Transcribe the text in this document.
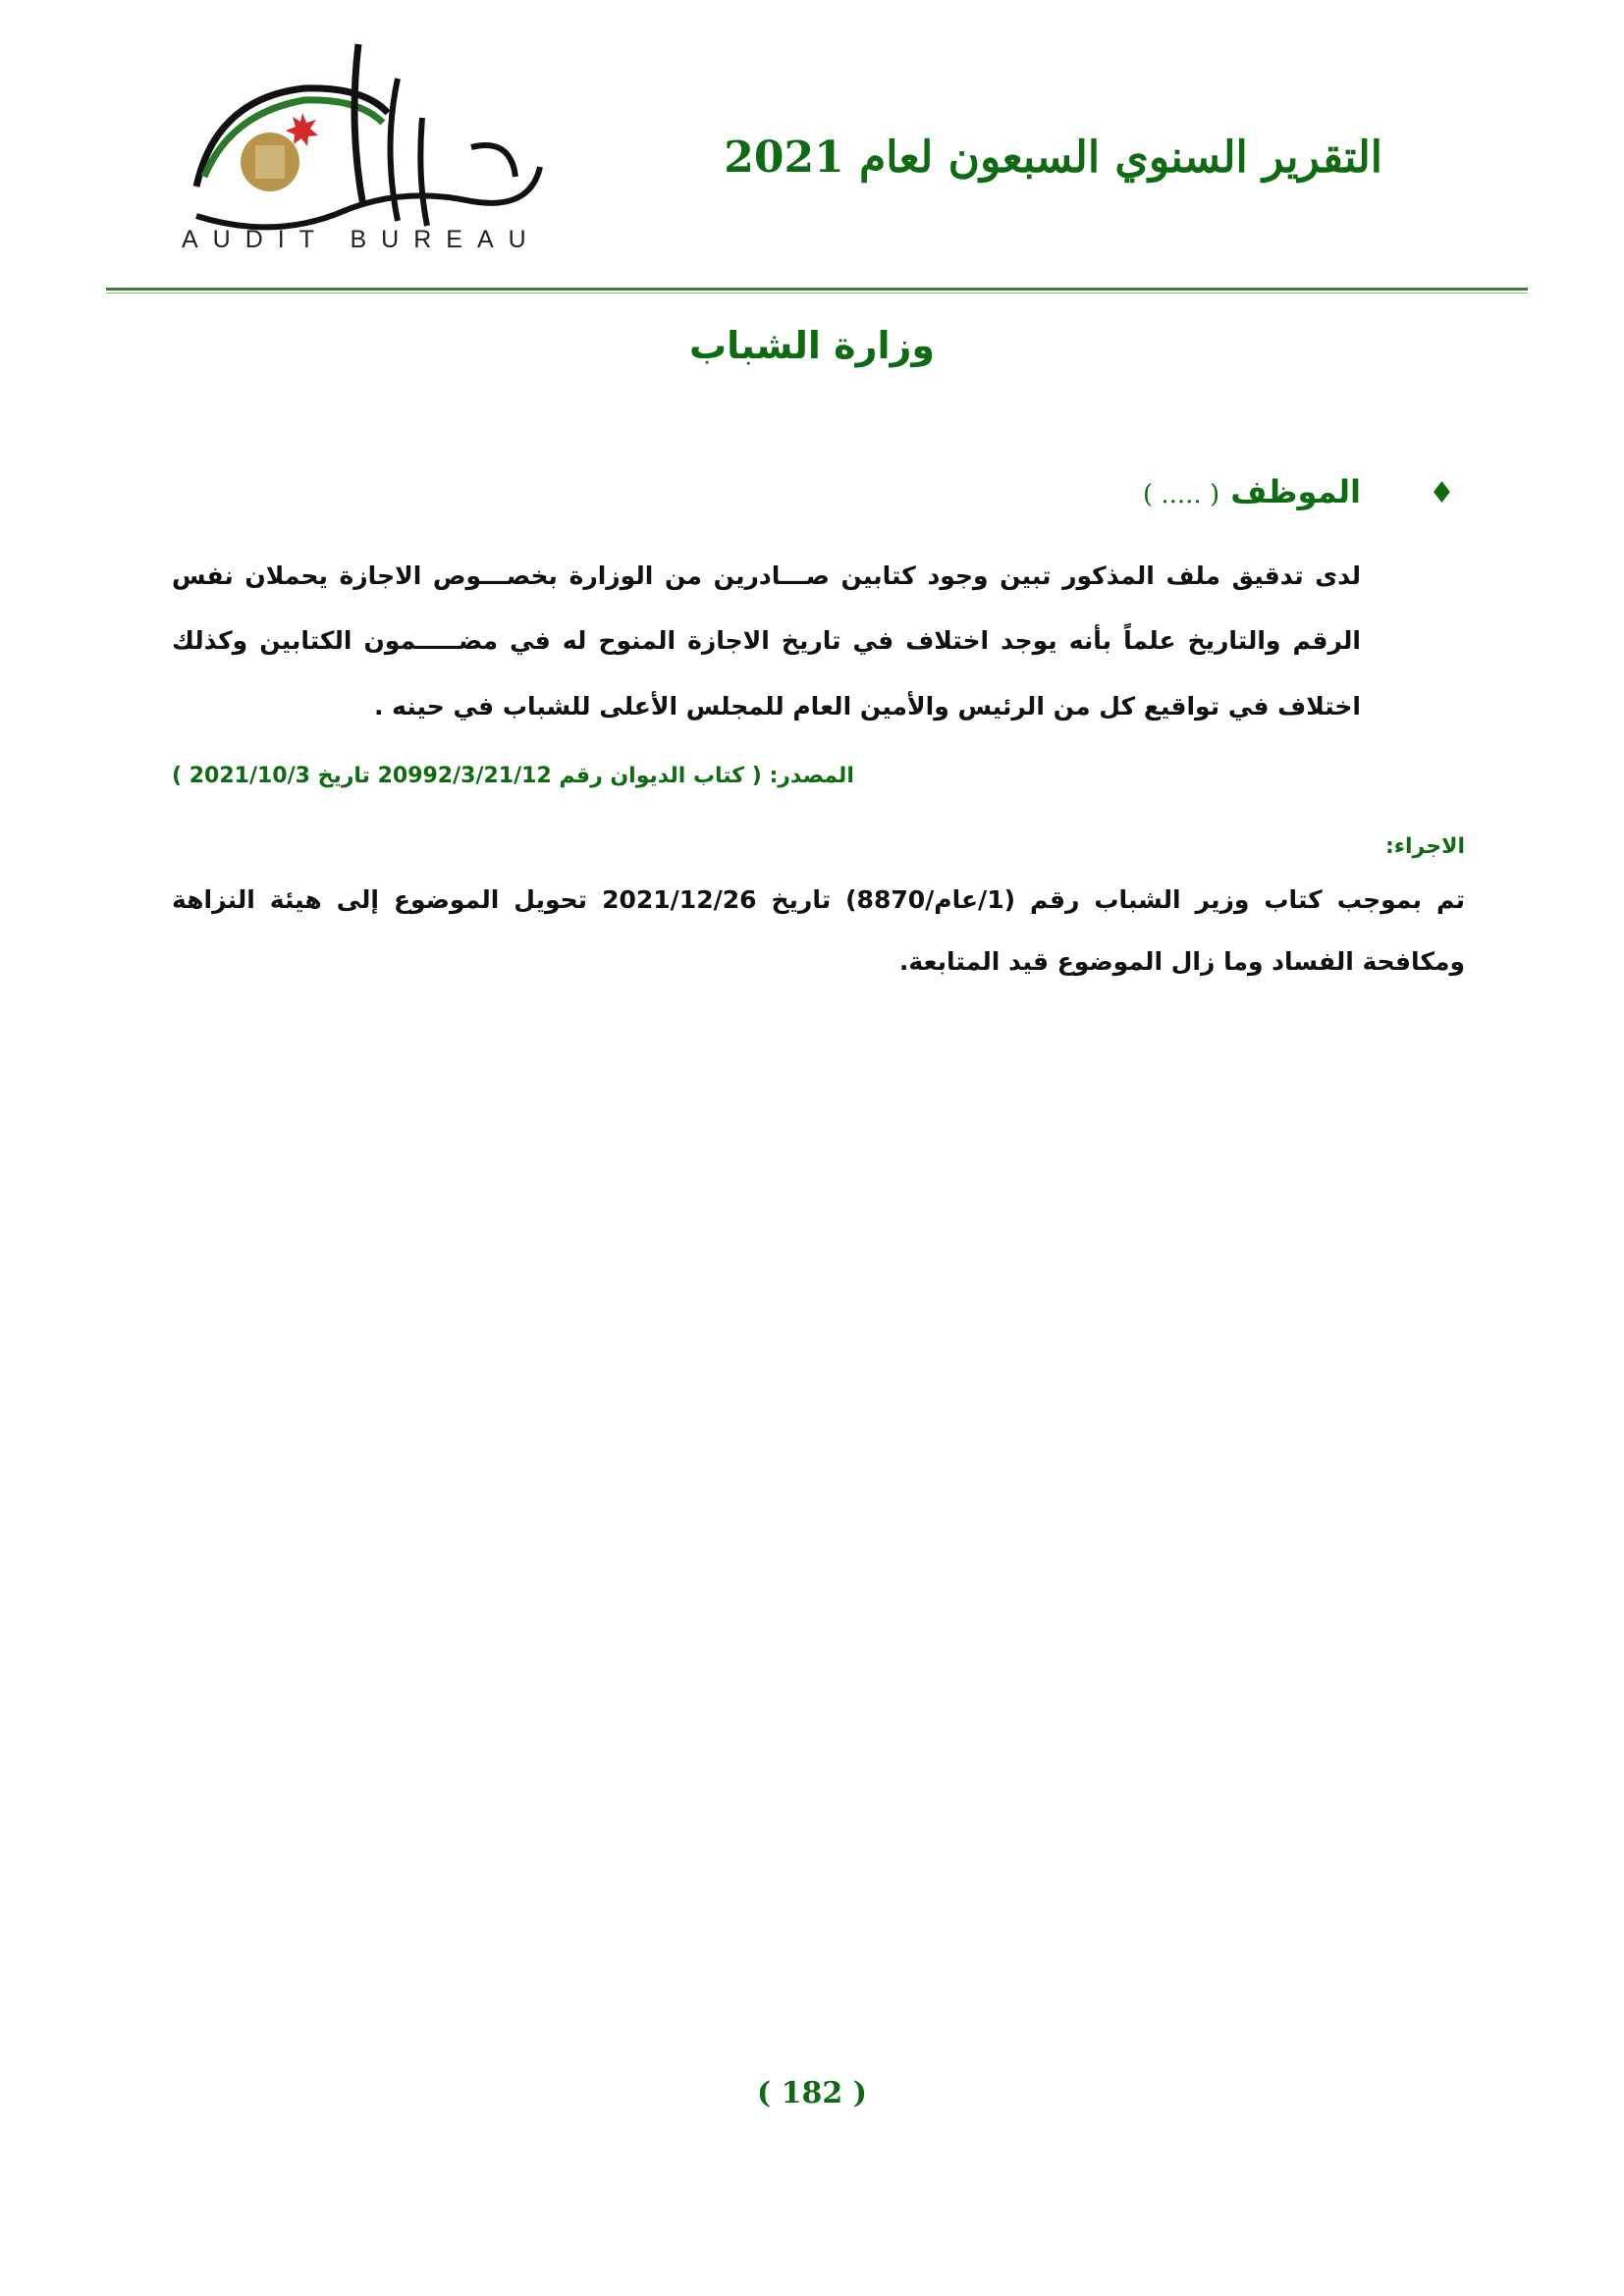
AUDIT BUREAU
التقرير السنوي السبعون لعام 2021
وزارة الشباب
♦
الموظف ( ..... )
لدى تدقيق ملف المذكور تبين وجود كتابين صـــادرين من الوزارة بخصـــوص الاجازة يحملان نفس
الرقم والتاريخ علماً بأنه يوجد اختلاف في تاريخ الاجازة المنوح له في مضـــــمون الكتابين وكذلك
اختلاف في تواقيع كل من الرئيس والأمين العام للمجلس الأعلى للشباب في حينه .
المصدر: ( كتاب الديوان رقم 20992/3/21/12 تاريخ 2021/10/3 )
الاجراء:
تم بموجب كتاب وزير الشباب رقم (1/عام/8870) تاريخ 2021/12/26 تحويل الموضوع إلى هيئة النزاهة
ومكافحة الفساد وما زال الموضوع قيد المتابعة.
( 182 )
